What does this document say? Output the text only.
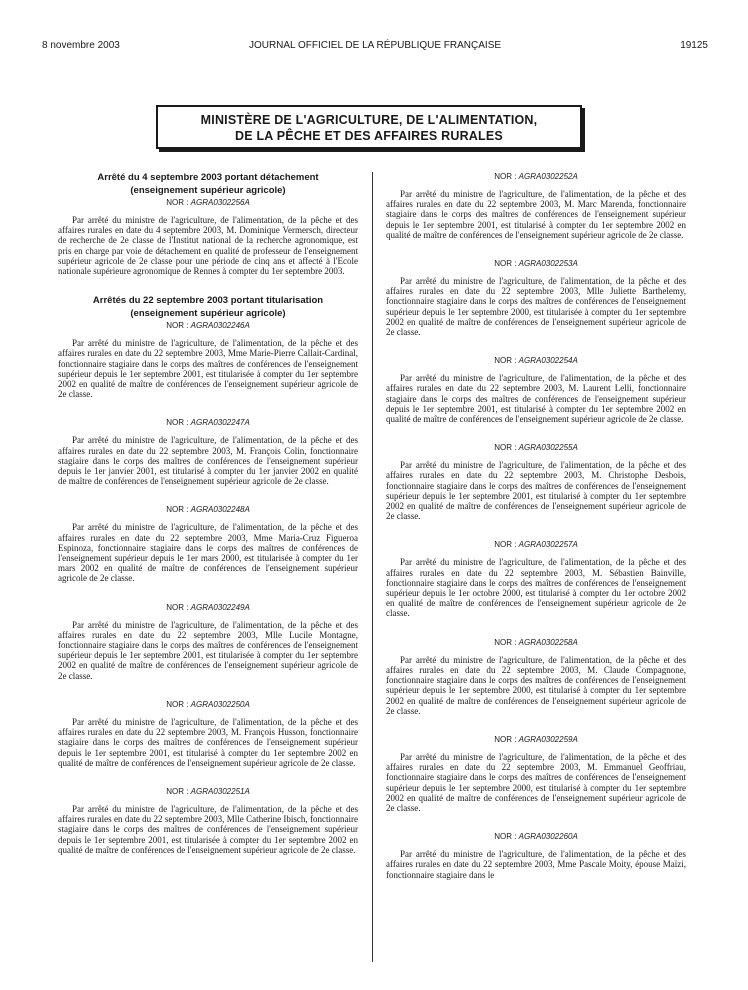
8 novembre 2003	JOURNAL OFFICIEL DE LA RÉPUBLIQUE FRANÇAISE	19125
MINISTÈRE DE L'AGRICULTURE, DE L'ALIMENTATION,
DE LA PÊCHE ET DES AFFAIRES RURALES
Arrêté du 4 septembre 2003 portant détachement
(enseignement supérieur agricole)
NOR : AGRA0302256A

Par arrêté du ministre de l'agriculture, de l'alimentation, de la pêche et des affaires rurales en date du 4 septembre 2003, M. Dominique Vermersch, directeur de recherche de 2e classe de l'Institut national de la recherche agronomique, est pris en charge par voie de détachement en qualité de professeur de l'enseignement supérieur agricole de 2e classe pour une période de cinq ans et affecté à l'Ecole nationale supérieure agronomique de Rennes à compter du 1er septembre 2003.

Arrêtés du 22 septembre 2003 portant titularisation
(enseignement supérieur agricole)
NOR : AGRA0302246A

Par arrêté du ministre de l'agriculture, de l'alimentation, de la pêche et des affaires rurales en date du 22 septembre 2003, Mme Marie-Pierre Callait-Cardinal, fonctionnaire stagiaire dans le corps des maîtres de conférences de l'enseignement supérieur depuis le 1er septembre 2001, est titularisée à compter du 1er septembre 2002 en qualité de maître de conférences de l'enseignement supérieur agricole de 2e classe.

NOR : AGRA0302247A

Par arrêté du ministre de l'agriculture, de l'alimentation, de la pêche et des affaires rurales en date du 22 septembre 2003, M. François Colin, fonctionnaire stagiaire dans le corps des maîtres de conférences de l'enseignement supérieur depuis le 1er janvier 2001, est titularisé à compter du 1er janvier 2002 en qualité de maître de conférences de l'enseignement supérieur agricole de 2e classe.

NOR : AGRA0302248A

Par arrêté du ministre de l'agriculture, de l'alimentation, de la pêche et des affaires rurales en date du 22 septembre 2003, Mme Maria-Cruz Figueroa Espinoza, fonctionnaire stagiaire dans le corps des maîtres de conférences de l'enseignement supérieur depuis le 1er mars 2000, est titularisée à compter du 1er mars 2002 en qualité de maître de conférences de l'enseignement supérieur agricole de 2e classe.

NOR : AGRA0302249A

Par arrêté du ministre de l'agriculture, de l'alimentation, de la pêche et des affaires rurales en date du 22 septembre 2003, Mlle Lucile Montagne, fonctionnaire stagiaire dans le corps des maîtres de conférences de l'enseignement supérieur depuis le 1er septembre 2001, est titularisée à compter du 1er septembre 2002 en qualité de maître de conférences de l'enseignement supérieur agricole de 2e classe.

NOR : AGRA0302250A

Par arrêté du ministre de l'agriculture, de l'alimentation, de la pêche et des affaires rurales en date du 22 septembre 2003, M. François Husson, fonctionnaire stagiaire dans le corps des maîtres de conférences de l'enseignement supérieur depuis le 1er septembre 2001, est titularisé à compter du 1er septembre 2002 en qualité de maître de conférences de l'enseignement supérieur agricole de 2e classe.

NOR : AGRA0302251A

Par arrêté du ministre de l'agriculture, de l'alimentation, de la pêche et des affaires rurales en date du 22 septembre 2003, Mlle Catherine Ibisch, fonctionnaire stagiaire dans le corps des maîtres de conférences de l'enseignement supérieur depuis le 1er septembre 2001, est titularisée à compter du 1er septembre 2002 en qualité de maître de conférences de l'enseignement supérieur agricole de 2e classe.

NOR : AGRA0302252A

Par arrêté du ministre de l'agriculture, de l'alimentation, de la pêche et des affaires rurales en date du 22 septembre 2003, M. Marc Marenda, fonctionnaire stagiaire dans le corps des maîtres de conférences de l'enseignement supérieur depuis le 1er septembre 2001, est titularisé à compter du 1er septembre 2002 en qualité de maître de conférences de l'enseignement supérieur agricole de 2e classe.

NOR : AGRA0302253A

Par arrêté du ministre de l'agriculture, de l'alimentation, de la pêche et des affaires rurales en date du 22 septembre 2003, Mlle Juliette Barthelemy, fonctionnaire stagiaire dans le corps des maîtres de conférences de l'enseignement supérieur depuis le 1er septembre 2000, est titularisée à compter du 1er septembre 2002 en qualité de maître de conférences de l'enseignement supérieur agricole de 2e classe.

NOR : AGRA0302254A

Par arrêté du ministre de l'agriculture, de l'alimentation, de la pêche et des affaires rurales en date du 22 septembre 2003, M. Laurent Lelli, fonctionnaire stagiaire dans le corps des maîtres de conférences de l'enseignement supérieur depuis le 1er septembre 2001, est titularisé à compter du 1er septembre 2002 en qualité de maître de conférences de l'enseignement supérieur agricole de 2e classe.

NOR : AGRA0302255A

Par arrêté du ministre de l'agriculture, de l'alimentation, de la pêche et des affaires rurales en date du 22 septembre 2003, M. Christophe Desbois, fonctionnaire stagiaire dans le corps des maîtres de conférences de l'enseignement supérieur depuis le 1er septembre 2001, est titularisé à compter du 1er septembre 2002 en qualité de maître de conférences de l'enseignement supérieur agricole de 2e classe.

NOR : AGRA0302257A

Par arrêté du ministre de l'agriculture, de l'alimentation, de la pêche et des affaires rurales en date du 22 septembre 2003, M. Sébastien Bainville, fonctionnaire stagiaire dans le corps des maîtres de conférences de l'enseignement supérieur depuis le 1er octobre 2000, est titularisé à compter du 1er octobre 2002 en qualité de maître de conférences de l'enseignement supérieur agricole de 2e classe.

NOR : AGRA0302258A

Par arrêté du ministre de l'agriculture, de l'alimentation, de la pêche et des affaires rurales en date du 22 septembre 2003, M. Claude Compagnone, fonctionnaire stagiaire dans le corps des maîtres de conférences de l'enseignement supérieur depuis le 1er septembre 2000, est titularisé à compter du 1er septembre 2002 en qualité de maître de conférences de l'enseignement supérieur agricole de 2e classe.

NOR : AGRA0302259A

Par arrêté du ministre de l'agriculture, de l'alimentation, de la pêche et des affaires rurales en date du 22 septembre 2003, M. Emmanuel Geoffriau, fonctionnaire stagiaire dans le corps des maîtres de conférences de l'enseignement supérieur depuis le 1er septembre 2000, est titularisé à compter du 1er septembre 2002 en qualité de maître de conférences de l'enseignement supérieur agricole de 2e classe.

NOR : AGRA0302260A

Par arrêté du ministre de l'agriculture, de l'alimentation, de la pêche et des affaires rurales en date du 22 septembre 2003, Mme Pascale Moity, épouse Maïzi, fonctionnaire stagiaire dans le
